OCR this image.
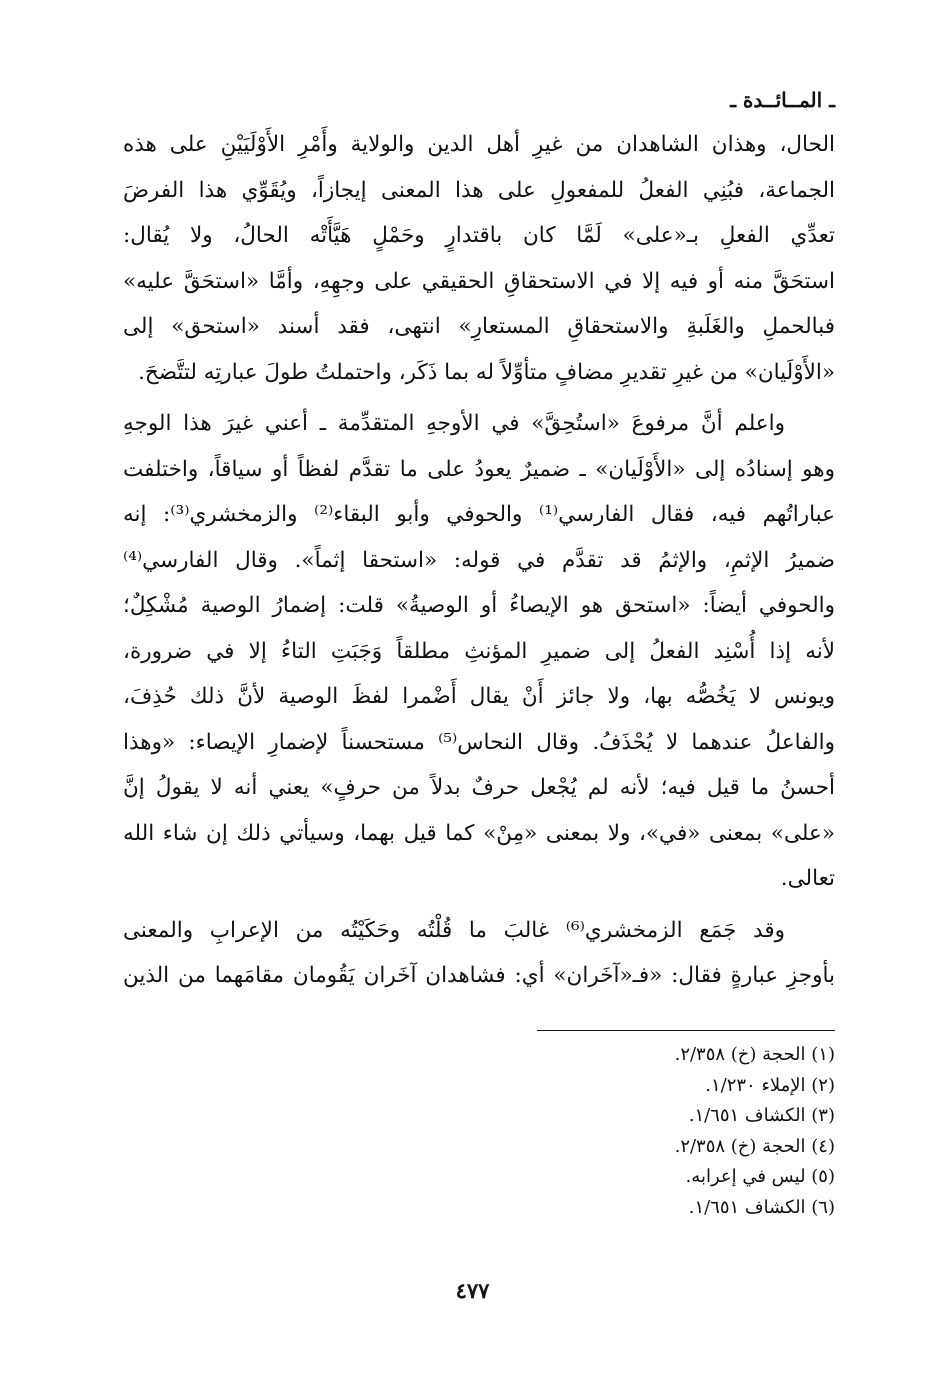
ـ المــائــدة ـ
الحال، وهذان الشاهدان من غيرِ أهل الدين والولاية وأَمْرِ الأَوْلَيَيْنِ على هذه
الجماعة، فبُنِي الفعلُ للمفعولِ على هذا المعنى إيجازاً، ويُقَوِّي هذا الفرضَ
تعدِّي الفعلِ بـ«على» لَمَّا كان باقتدارٍ وحَمْلٍ هَيَّأَتْه الحالُ، ولا يُقال:
استحَقَّ منه أو فيه إلا في الاستحقاقِ الحقيقي على وجهِهِ، وأمَّا «استحَقَّ عليه»
فبالحملِ والغَلَبةِ والاستحقاقِ المستعارِ» انتهى، فقد أسند «استحق» إلى
«الأَوْلَيان» من غيرِ تقديرِ مضافٍ متأوِّلاً له بما ذَكَر، واحتملتُ طولَ عبارتِه لتتَّضحَ.
واعلم أنَّ مرفوعَ «استُحِقَّ» في الأوجهِ المتقدِّمة ـ أعني غيرَ هذا الوجهِ
وهو إسنادُه إلى «الأَوْلَيان» ـ ضميرٌ يعودُ على ما تقدَّم لفظاً أو سياقاً، واختلفت
عباراتُهم فيه، فقال الفارسي⁽¹⁾ والحوفي وأبو البقاء⁽²⁾ والزمخشري⁽³⁾: إنه
ضميرُ الإثمِ، والإثمُ قد تقدَّم في قوله: «استحقا إثماً». وقال الفارسي⁽⁴⁾
والحوفي أيضاً: «استحق هو الإيصاءُ أو الوصيةُ» قلت: إضمارُ الوصية مُشْكِلٌ؛
لأنه إذا أُسْنِد الفعلُ إلى ضميرِ المؤنثِ مطلقاً وَجَبَتِ التاءُ إلا في ضرورة،
ويونس لا يَخُصُّه بها، ولا جائز أَنْ يقال أَضْمرا لفظَ الوصية لأنَّ ذلك حُذِفَ،
والفاعلُ عندهما لا يُحْذَفُ. وقال النحاس⁽⁵⁾ مستحسناً لإضمارِ الإيصاء: «وهذا
أحسنُ ما قيل فيه؛ لأنه لم يُجْعل حرفٌ بدلاً من حرفٍ» يعني أنه لا يقولُ إنَّ
«على» بمعنى «في»، ولا بمعنى «مِنْ» كما قيل بهما، وسيأتي ذلك إن شاء الله
تعالى.
وقد جَمَع الزمخشري⁽⁶⁾ غالبَ ما قُلْتُه وحَكَيْتُه من الإعرابِ والمعنى
بأوجزِ عبارةٍ فقال: «فـ«آخَران» أي: فشاهدان آخَران يَقُومان مقامَهما من الذين
(١) الحجة (خ) ٢/٣٥٨.
(٢) الإملاء ١/٢٣٠.
(٣) الكشاف ١/٦٥١.
(٤) الحجة (خ) ٢/٣٥٨.
(٥) ليس في إعرابه.
(٦) الكشاف ١/٦٥١.
٤٧٧
